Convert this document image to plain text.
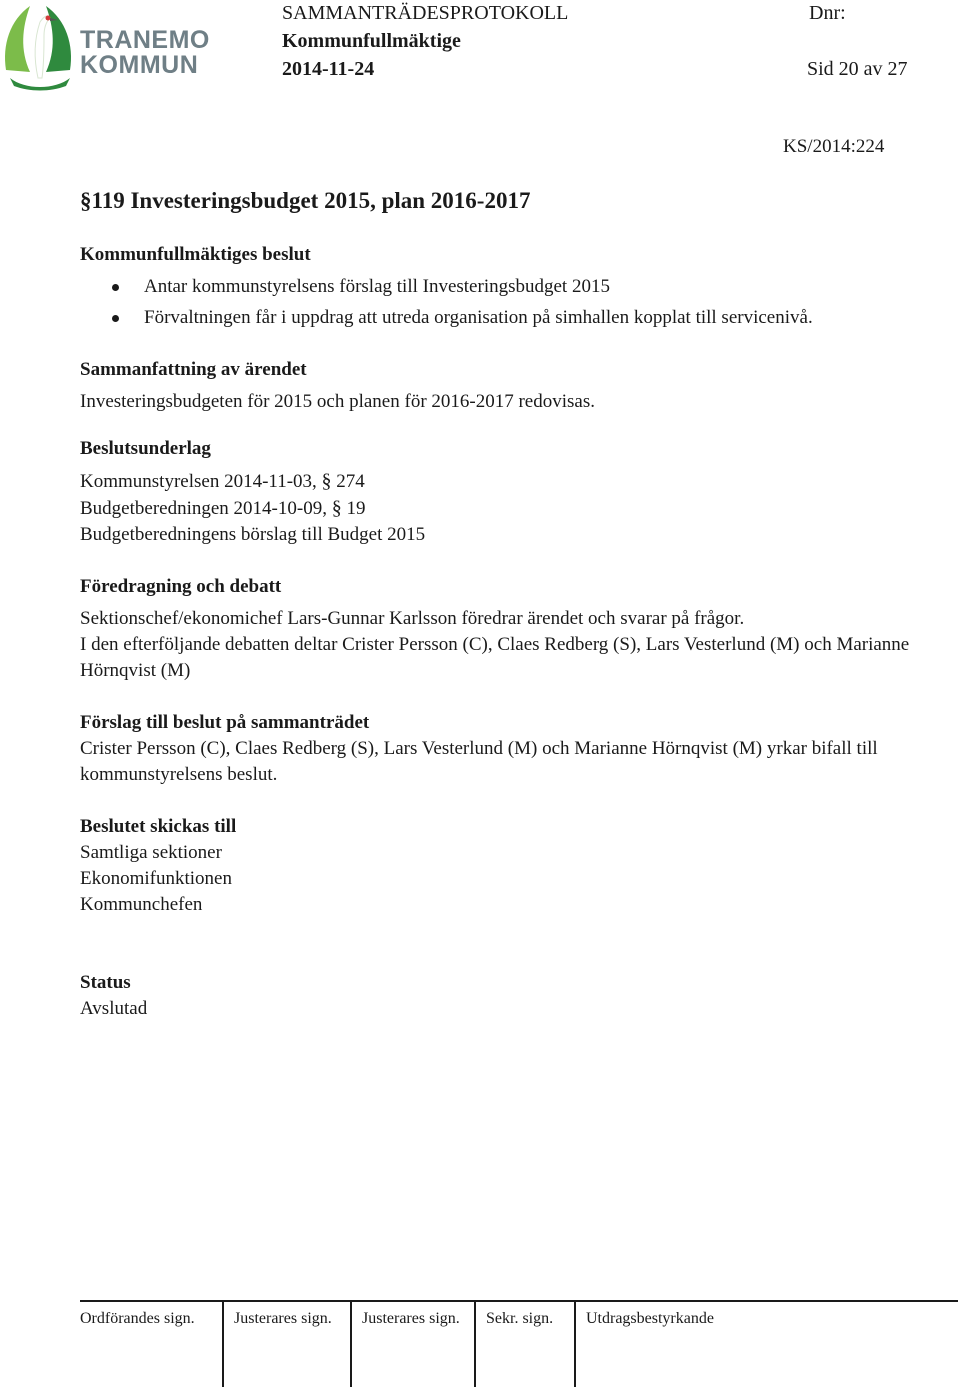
TRANEMO
KOMMUN
SAMMANTRÄDESPROTOKOLL
Kommunfullmäktige
2014-11-24
Dnr:
Sid 20 av 27
KS/2014:224
§119 Investeringsbudget 2015, plan 2016-2017

Kommunfullmäktiges beslut

Antar kommunstyrelsens förslag till Investeringsbudget 2015
Förvaltningen får i uppdrag att utreda organisation på simhallen kopplat till servicenivå.

Sammanfattning av ärendet

Investeringsbudgeten för 2015 och planen för 2016-2017 redovisas.

Beslutsunderlag

Kommunstyrelsen 2014-11-03, § 274

Budgetberedningen 2014-10-09, § 19

Budgetberedningens börslag till Budget 2015

Föredragning och debatt

Sektionschef/ekonomichef Lars-Gunnar Karlsson föredrar ärendet och svarar på frågor.

I den efterföljande debatten deltar Crister Persson (C), Claes Redberg (S), Lars Vesterlund (M) och Marianne Hörnqvist (M)

Förslag till beslut på sammanträdet

Crister Persson (C), Claes Redberg (S), Lars Vesterlund (M) och Marianne Hörnqvist (M) yrkar bifall till kommunstyrelsens beslut.

Beslutet skickas till

Samtliga sektioner

Ekonomifunktionen

Kommunchefen

Status

Avslutad

Ordförandes sign.	Justerares sign.	Justerares sign.	Sekr. sign.	Utdragsbestyrkande
